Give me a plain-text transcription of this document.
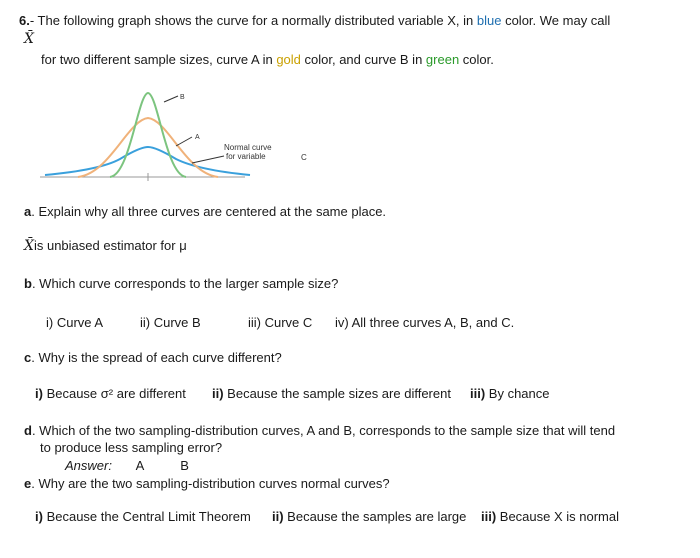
6.- The following graph shows the curve for a normally distributed variable X, in blue color. We may call
X̄
for two different sample sizes, curve A in gold color, and curve B in green color.
B
A
Normal curve
for variable	C
a. Explain why all three curves are centered at the same place.
X̄is unbiased estimator for μ
b. Which curve corresponds to the larger sample size?
i) Curve A	ii) Curve B	iii) Curve C iv) All three curves A, B, and C.
c. Why is the spread of each curve different?
i) Because σ² are different ii) Because the sample sizes are different iii) By chance
d. Which of the two sampling-distribution curves, A and B, corresponds to the sample size that will tend
to produce less sampling error?
Answer: A	B
e. Why are the two sampling-distribution curves normal curves?
i) Because the Central Limit Theorem ii) Because the samples are large iii) Because X is normal
